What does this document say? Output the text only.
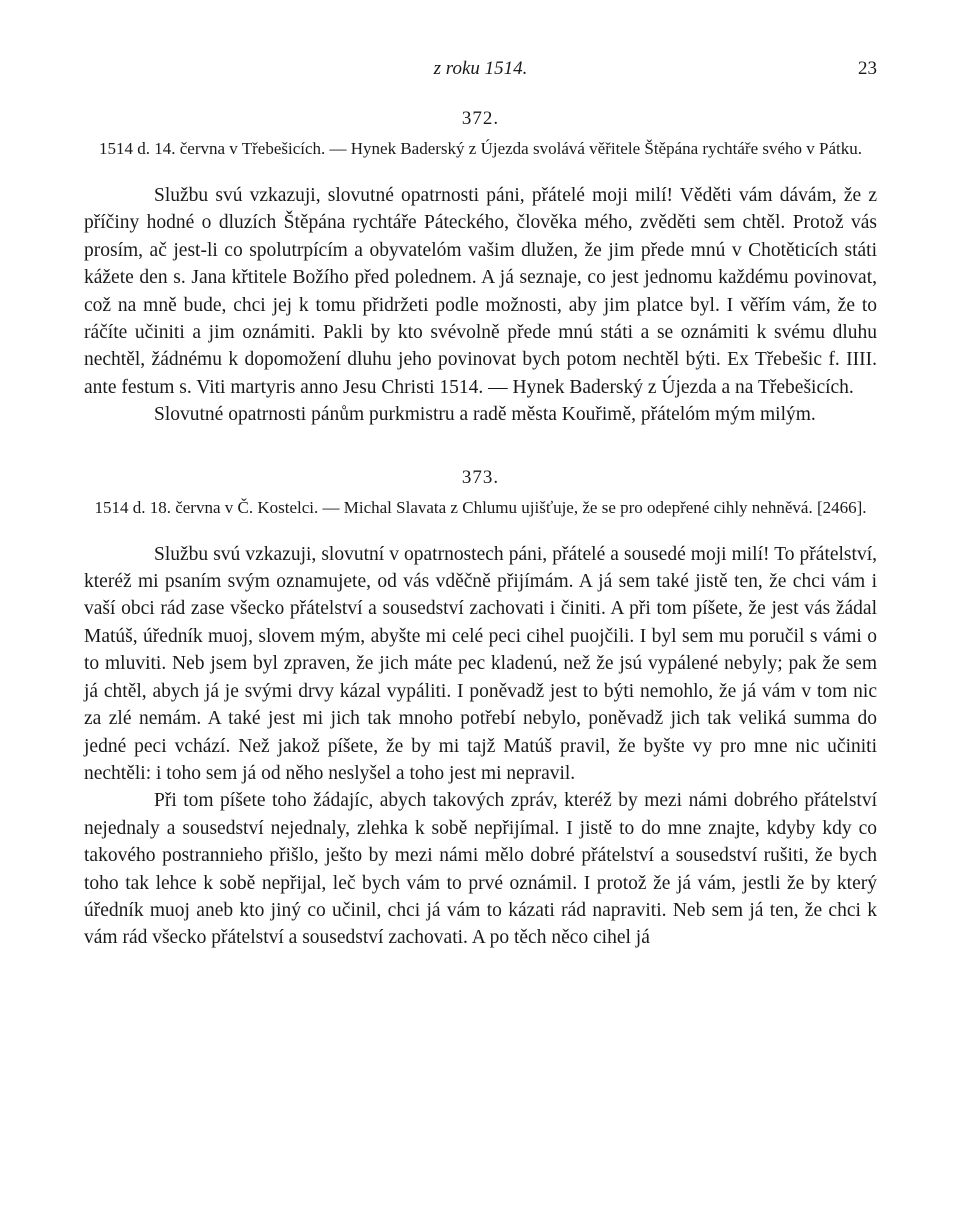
z roku 1514.	23
372.
1514 d. 14. června v Třebešicích. — Hynek Baderský z Újezda svolává věřitele Štěpána rychtáře svého v Pátku.

Službu svú vzkazuji, slovutné opatrnosti páni, přátelé moji milí! Věděti vám dávám, že z příčiny hodné o dluzích Štěpána rychtáře Páteckého, člověka mého, zvěděti sem chtěl. Protož vás prosím, ač jest-li co spolutrpícím a obyvatelóm vašim dlužen, že jim přede mnú v Chotěticích státi kážete den s. Jana křtitele Božího před polednem. A já seznaje, co jest jednomu každému povinovat, což na mně bude, chci jej k tomu přidržeti podle možnosti, aby jim platce byl. I věřím vám, že to ráčíte učiniti a jim oznámiti. Pakli by kto svévolně přede mnú státi a se oznámiti k svému dluhu nechtěl, žádnému k dopomožení dluhu jeho povinovat bych potom nechtěl býti. Ex Třebešic f. IIII. ante festum s. Viti martyris anno Jesu Christi 1514. — Hynek Baderský z Újezda a na Třebešicích.

Slovutné opatrnosti pánům purkmistru a radě města Kouřimě, přátelóm mým milým.

373.
1514 d. 18. června v Č. Kostelci. — Michal Slavata z Chlumu ujišťuje, že se pro odepřené cihly nehněvá. [2466].

Službu svú vzkazuji, slovutní v opatrnostech páni, přátelé a sousedé moji milí! To přátelství, kteréž mi psaním svým oznamujete, od vás vděčně přijímám. A já sem také jistě ten, že chci vám i vaší obci rád zase všecko přátelství a sousedství zachovati i činiti. A při tom píšete, že jest vás žádal Matúš, úředník muoj, slovem mým, abyšte mi celé peci cihel puojčili. I byl sem mu poručil s vámi o to mluviti. Neb jsem byl zpraven, že jich máte pec kladenú, než že jsú vypálené nebyly; pak že sem já chtěl, abych já je svými drvy kázal vypáliti. I poněvadž jest to býti nemohlo, že já vám v tom nic za zlé nemám. A také jest mi jich tak mnoho potřebí nebylo, poněvadž jich tak veliká summa do jedné peci vchází. Než jakož píšete, že by mi tajž Matúš pravil, že byšte vy pro mne nic učiniti nechtěli: i toho sem já od něho neslyšel a toho jest mi nepravil.

Při tom píšete toho žádajíc, abych takových zpráv, kteréž by mezi námi dobrého přátelství nejednaly a sousedství nejednaly, zlehka k sobě nepřijímal. I jistě to do mne znajte, kdyby kdy co takového postrannieho přišlo, ješto by mezi námi mělo dobré přátelství a sousedství rušiti, že bych toho tak lehce k sobě nepřijal, leč bych vám to prvé oznámil. I protož že já vám, jestli že by který úředník muoj aneb kto jiný co učinil, chci já vám to kázati rád napraviti. Neb sem já ten, že chci k vám rád všecko přátelství a sousedství zachovati. A po těch něco cihel já
